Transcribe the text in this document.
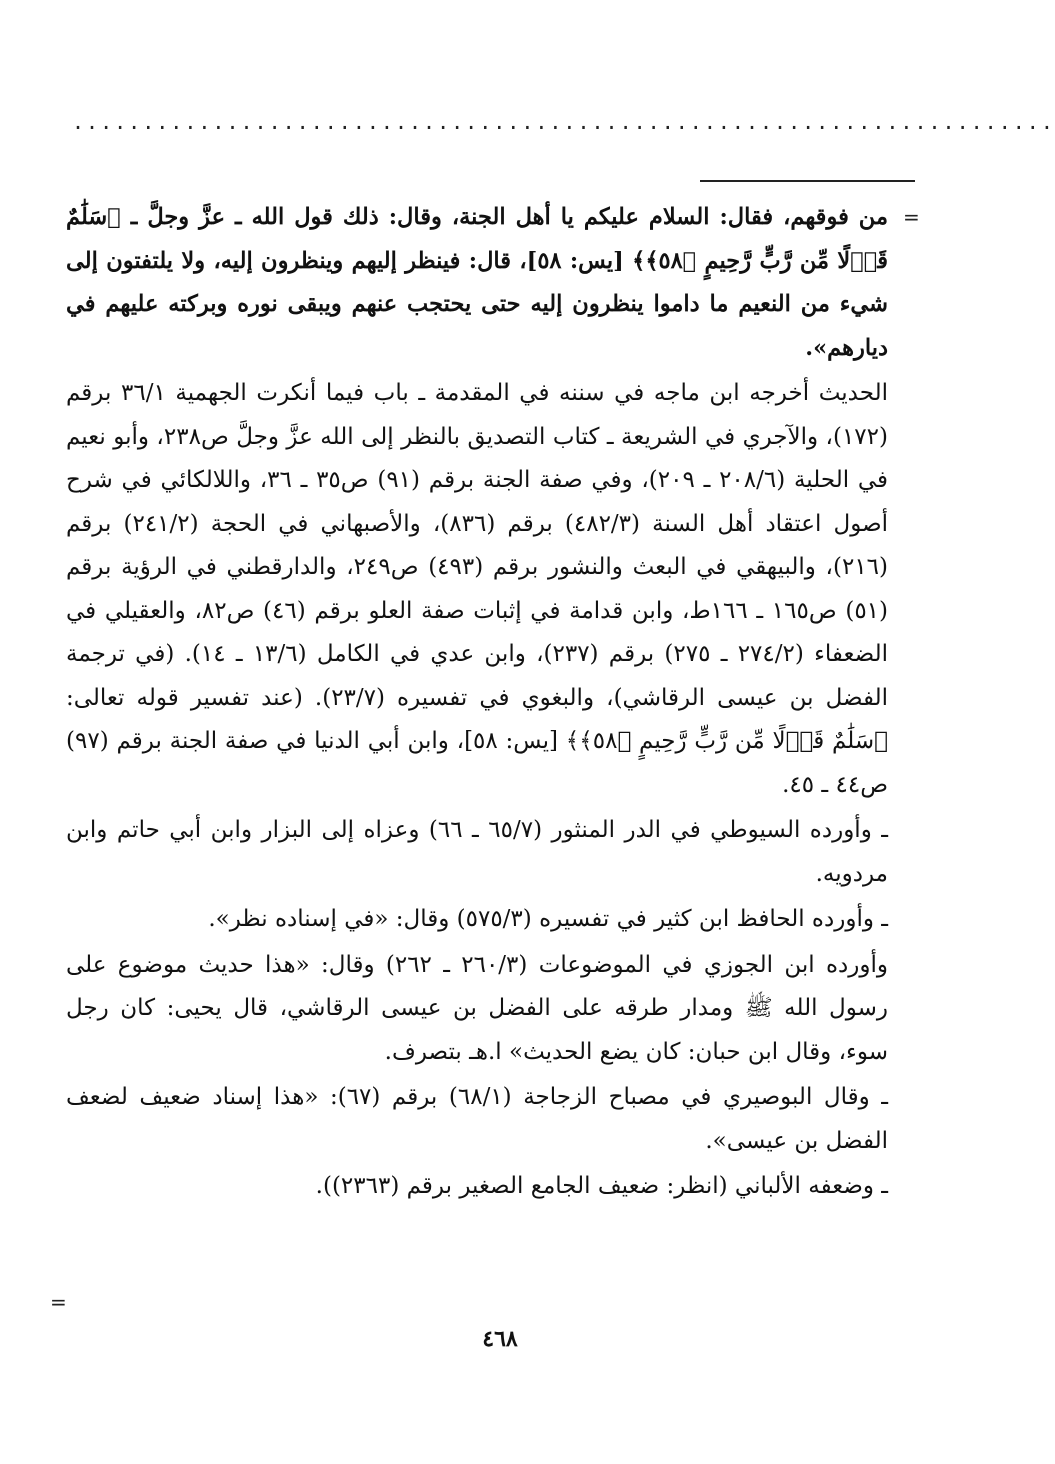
......................................................................
=

من فوقهم، فقال: السلام عليكم يا أهل الجنة، وقال: ذلك قول الله ـ عزَّ وجلَّ ـ ﴿سَلَٰمٌ قَوۡلًا مِّن رَّبٍّ رَّحِيمٍ ﴿٥٨﴾﴾ [يس: ٥٨]، قال: فينظر إليهم وينظرون إليه، ولا يلتفتون إلى شيء من النعيم ما داموا ينظرون إليه حتى يحتجب عنهم ويبقى نوره وبركته عليهم في ديارهم».

الحديث أخرجه ابن ماجه في سننه في المقدمة ـ باب فيما أنكرت الجهمية ٣٦/١ برقم (١٧٢)، والآجري في الشريعة ـ كتاب التصديق بالنظر إلى الله عزَّ وجلَّ ص٢٣٨، وأبو نعيم في الحلية (٢٠٨/٦ ـ ٢٠٩)، وفي صفة الجنة برقم (٩١) ص٣٥ ـ ٣٦، واللالكائي في شرح أصول اعتقاد أهل السنة (٤٨٢/٣) برقم (٨٣٦)، والأصبهاني في الحجة (٢٤١/٢) برقم (٢١٦)، والبيهقي في البعث والنشور برقم (٤٩٣) ص٢٤٩، والدارقطني في الرؤية برقم (٥١) ص١٦٥ ـ ١٦٦ط، وابن قدامة في إثبات صفة العلو برقم (٤٦) ص٨٢، والعقيلي في الضعفاء (٢٧٤/٢ ـ ٢٧٥) برقم (٢٣٧)، وابن عدي في الكامل (١٣/٦ ـ ١٤). (في ترجمة الفضل بن عيسى الرقاشي)، والبغوي في تفسيره (٢٣/٧). (عند تفسير قوله تعالى: ﴿سَلَٰمٌ قَوۡلًا مِّن رَّبٍّ رَّحِيمٍ ﴿٥٨﴾﴾ [يس: ٥٨]، وابن أبي الدنيا في صفة الجنة برقم (٩٧) ص٤٤ ـ ٤٥.

ـ وأورده السيوطي في الدر المنثور (٦٥/٧ ـ ٦٦) وعزاه إلى البزار وابن أبي حاتم وابن مردويه.

ـ وأورده الحافظ ابن كثير في تفسيره (٥٧٥/٣) وقال: «في إسناده نظر».

وأورده ابن الجوزي في الموضوعات (٢٦٠/٣ ـ ٢٦٢) وقال: «هذا حديث موضوع على رسول الله ﷺ ومدار طرقه على الفضل بن عيسى الرقاشي، قال يحيى: كان رجل سوء، وقال ابن حبان: كان يضع الحديث» ا.هـ بتصرف.

ـ وقال البوصيري في مصباح الزجاجة (٦٨/١) برقم (٦٧): «هذا إسناد ضعيف لضعف الفضل بن عيسى».

ـ وضعفه الألباني (انظر: ضعيف الجامع الصغير برقم (٢٣٦٣)).

=
٤٦٨
